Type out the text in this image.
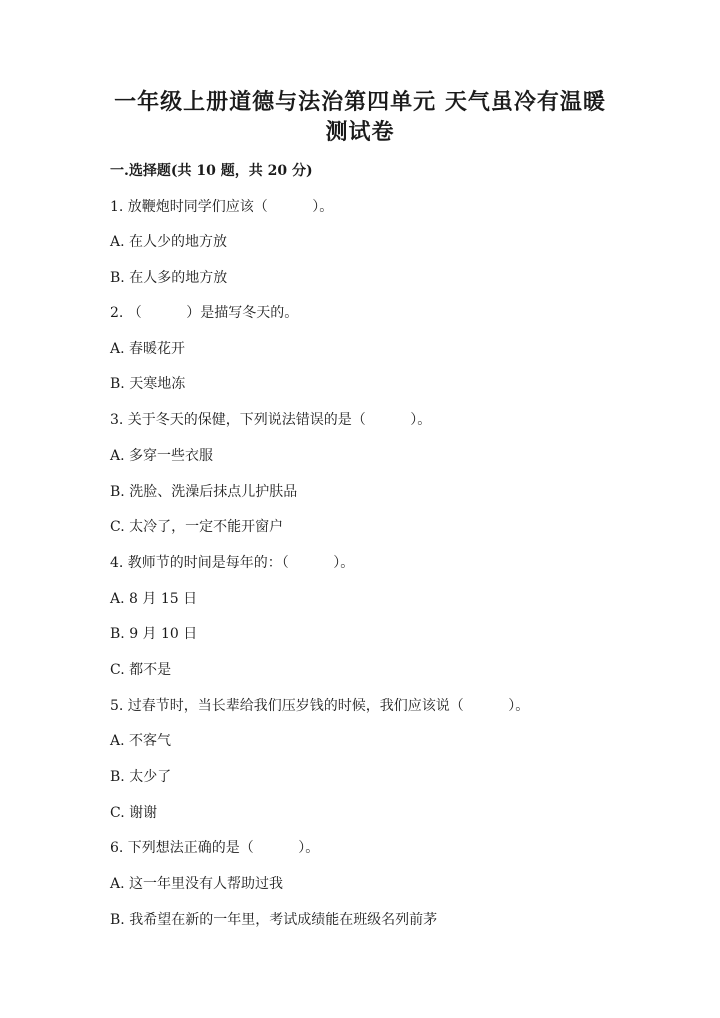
一年级上册道德与法治第四单元 天气虽冷有温暖
测试卷
一.选择题(共 10 题，共 20 分)
1. 放鞭炮时同学们应该（          ）。
A. 在人少的地方放
B. 在人多的地方放
2. （          ）是描写冬天的。
A. 春暖花开
B. 天寒地冻
3. 关于冬天的保健，下列说法错误的是（          ）。
A. 多穿一些衣服
B. 洗脸、洗澡后抹点儿护肤品
C. 太冷了，一定不能开窗户
4. 教师节的时间是每年的：（          ）。
A. 8 月 15 日
B. 9 月 10 日
C. 都不是
5. 过春节时，当长辈给我们压岁钱的时候，我们应该说（          ）。
A. 不客气
B. 太少了
C. 谢谢
6. 下列想法正确的是（          ）。
A. 这一年里没有人帮助过我
B. 我希望在新的一年里，考试成绩能在班级名列前茅
